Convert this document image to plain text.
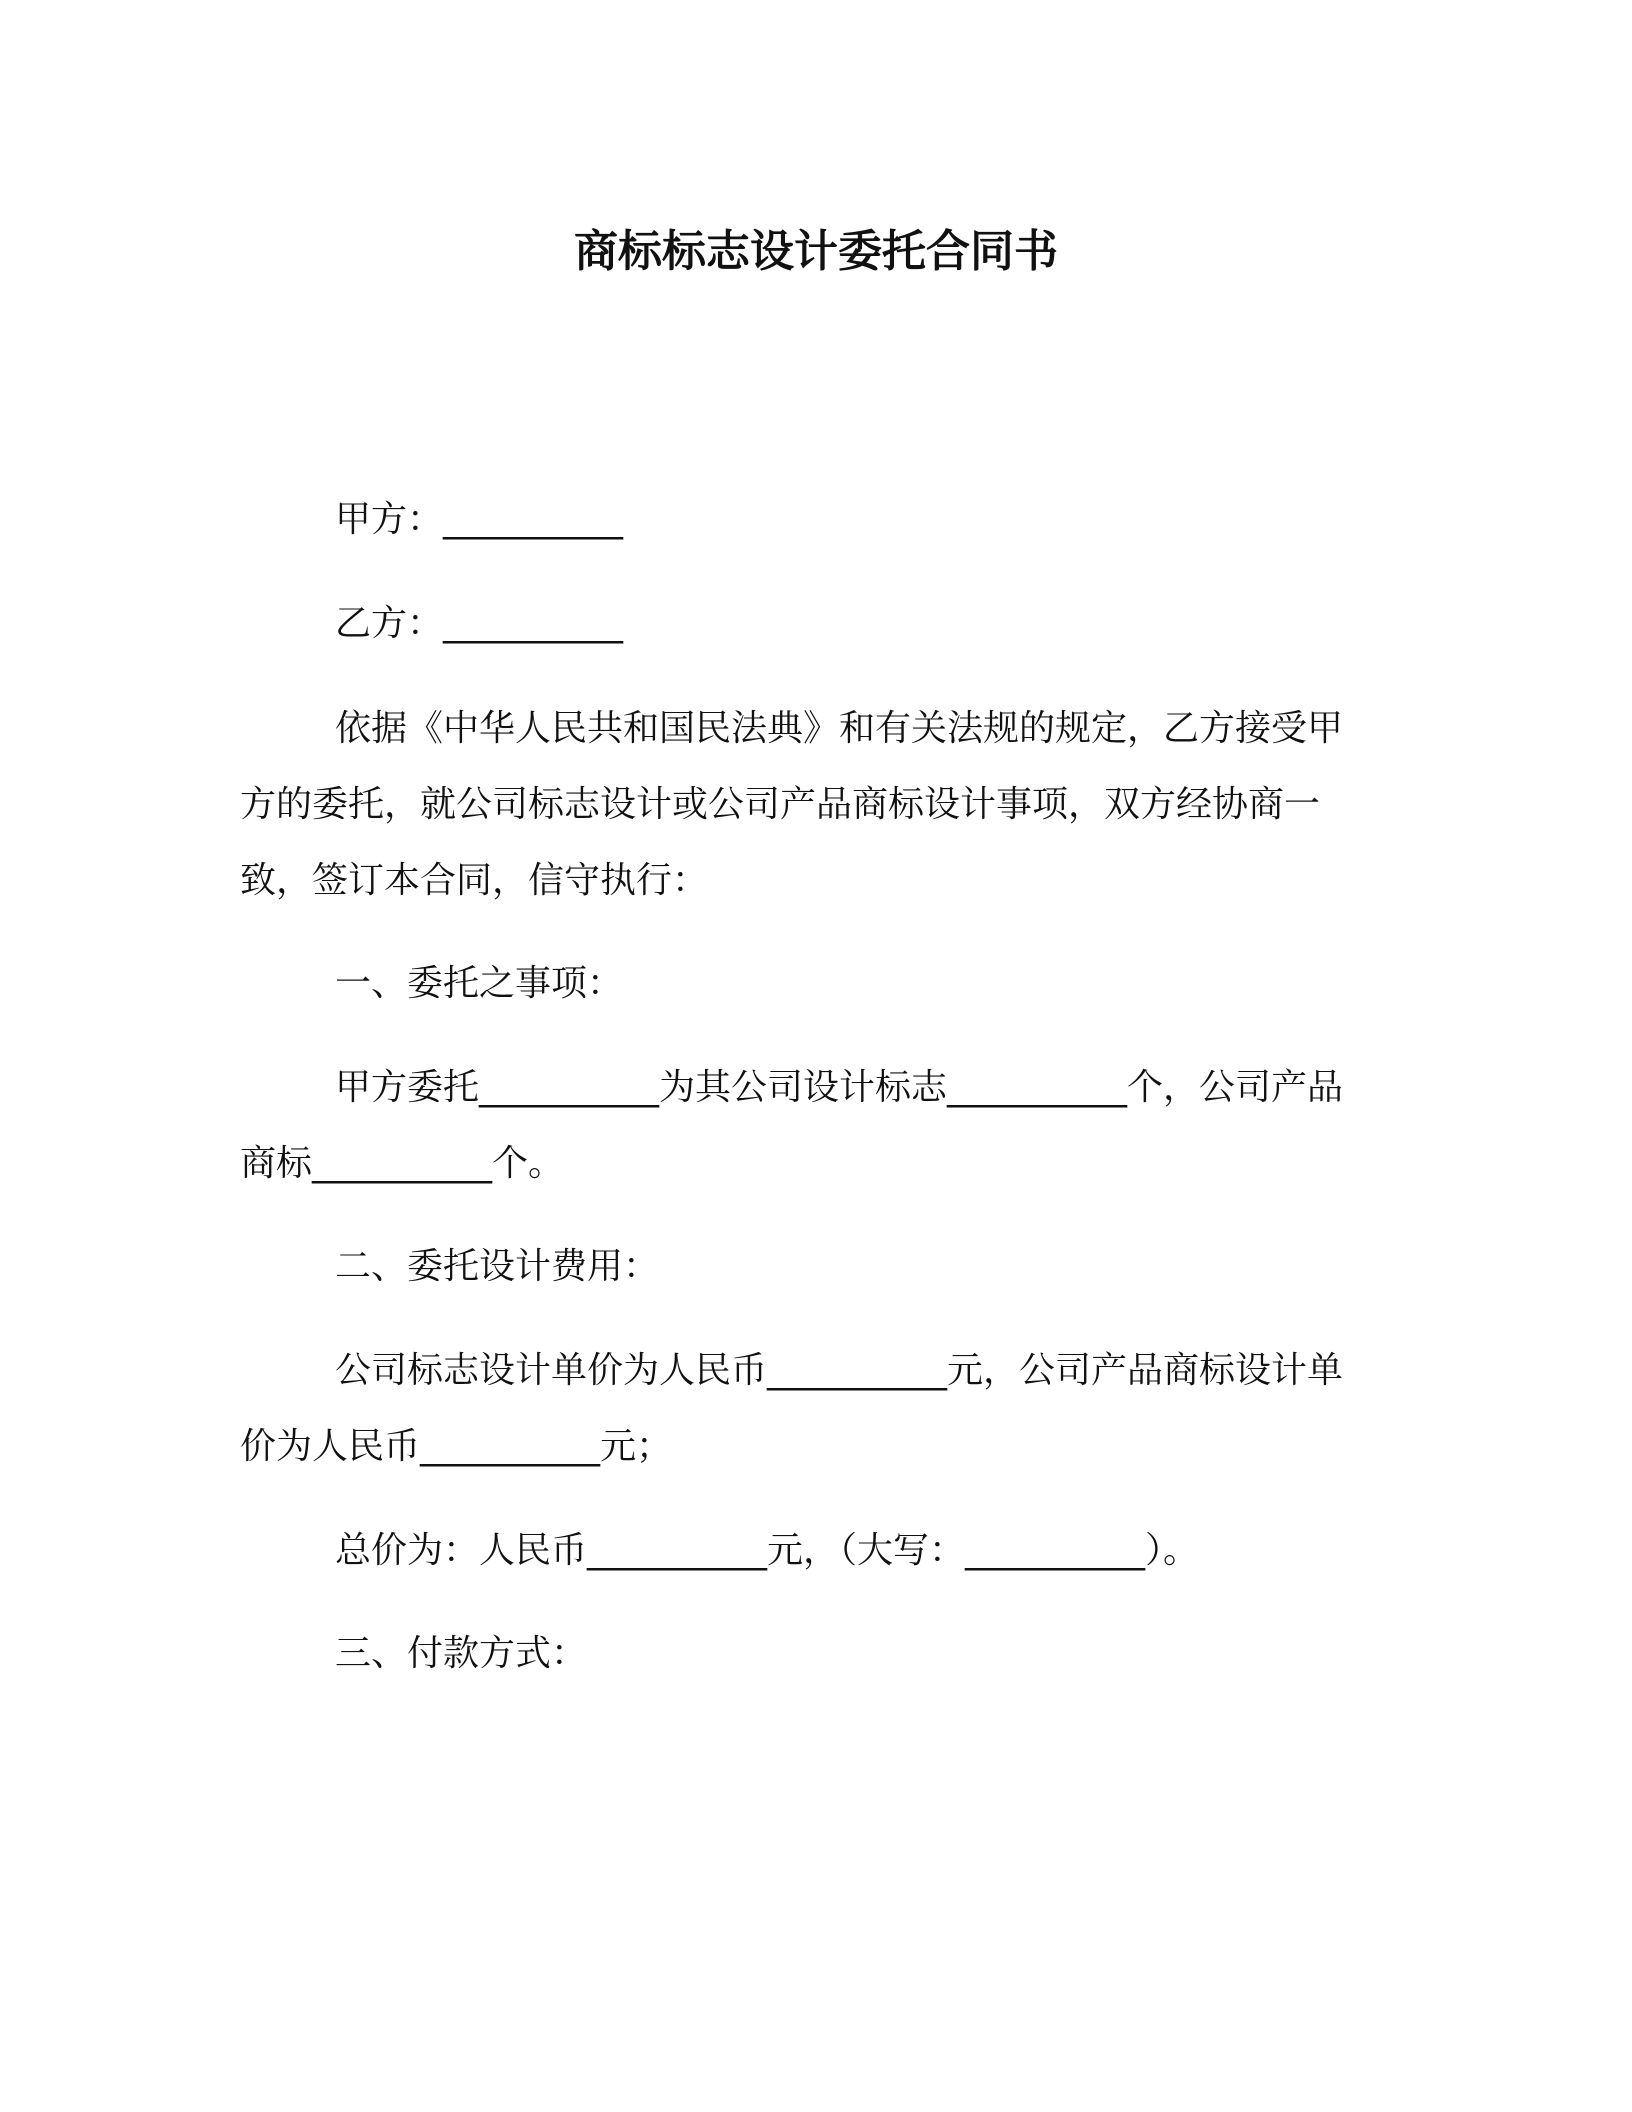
商标标志设计委托合同书
甲方：__________
乙方：__________
依据《中华人民共和国民法典》和有关法规的规定，乙方接受甲
方的委托，就公司标志设计或公司产品商标设计事项，双方经协商一
致，签订本合同，信守执行：
一、委托之事项：
甲方委托__________为其公司设计标志__________个，公司产品
商标__________个。
二、委托设计费用：
公司标志设计单价为人民币__________元，公司产品商标设计单
价为人民币__________元；
总价为：人民币__________元，（大写：__________）。
三、付款方式：
